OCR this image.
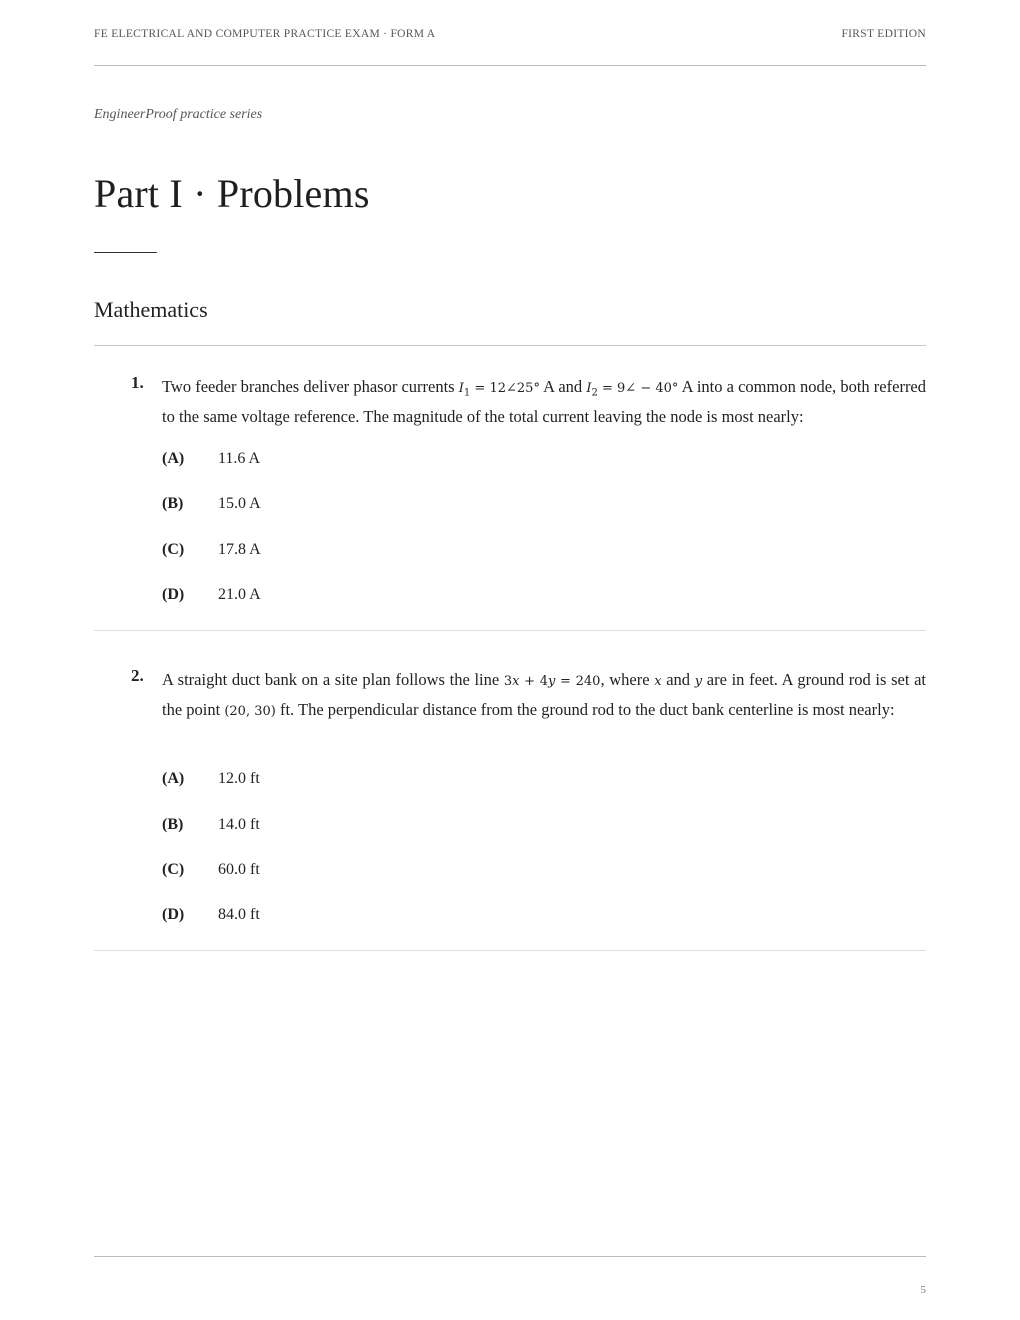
FE ELECTRICAL AND COMPUTER PRACTICE EXAM · FORM A	FIRST EDITION
EngineerProof practice series
Part I · Problems
Mathematics
1. Two feeder branches deliver phasor currents $I_1$ = 12∠25° A and $I_2$ = 9∠ − 40° A into a common node, both referred to the same voltage reference. The magnitude of the total current leaving the node is most nearly:

(A) 11.6 A
(B) 15.0 A
(C) 17.8 A
(D) 21.0 A
2. A straight duct bank on a site plan follows the line 3x + 4y = 240, where x and y are in feet. A ground rod is set at the point (20, 30) ft. The perpendicular distance from the ground rod to the duct bank centerline is most nearly:

(A) 12.0 ft
(B) 14.0 ft
(C) 60.0 ft
(D) 84.0 ft
5
